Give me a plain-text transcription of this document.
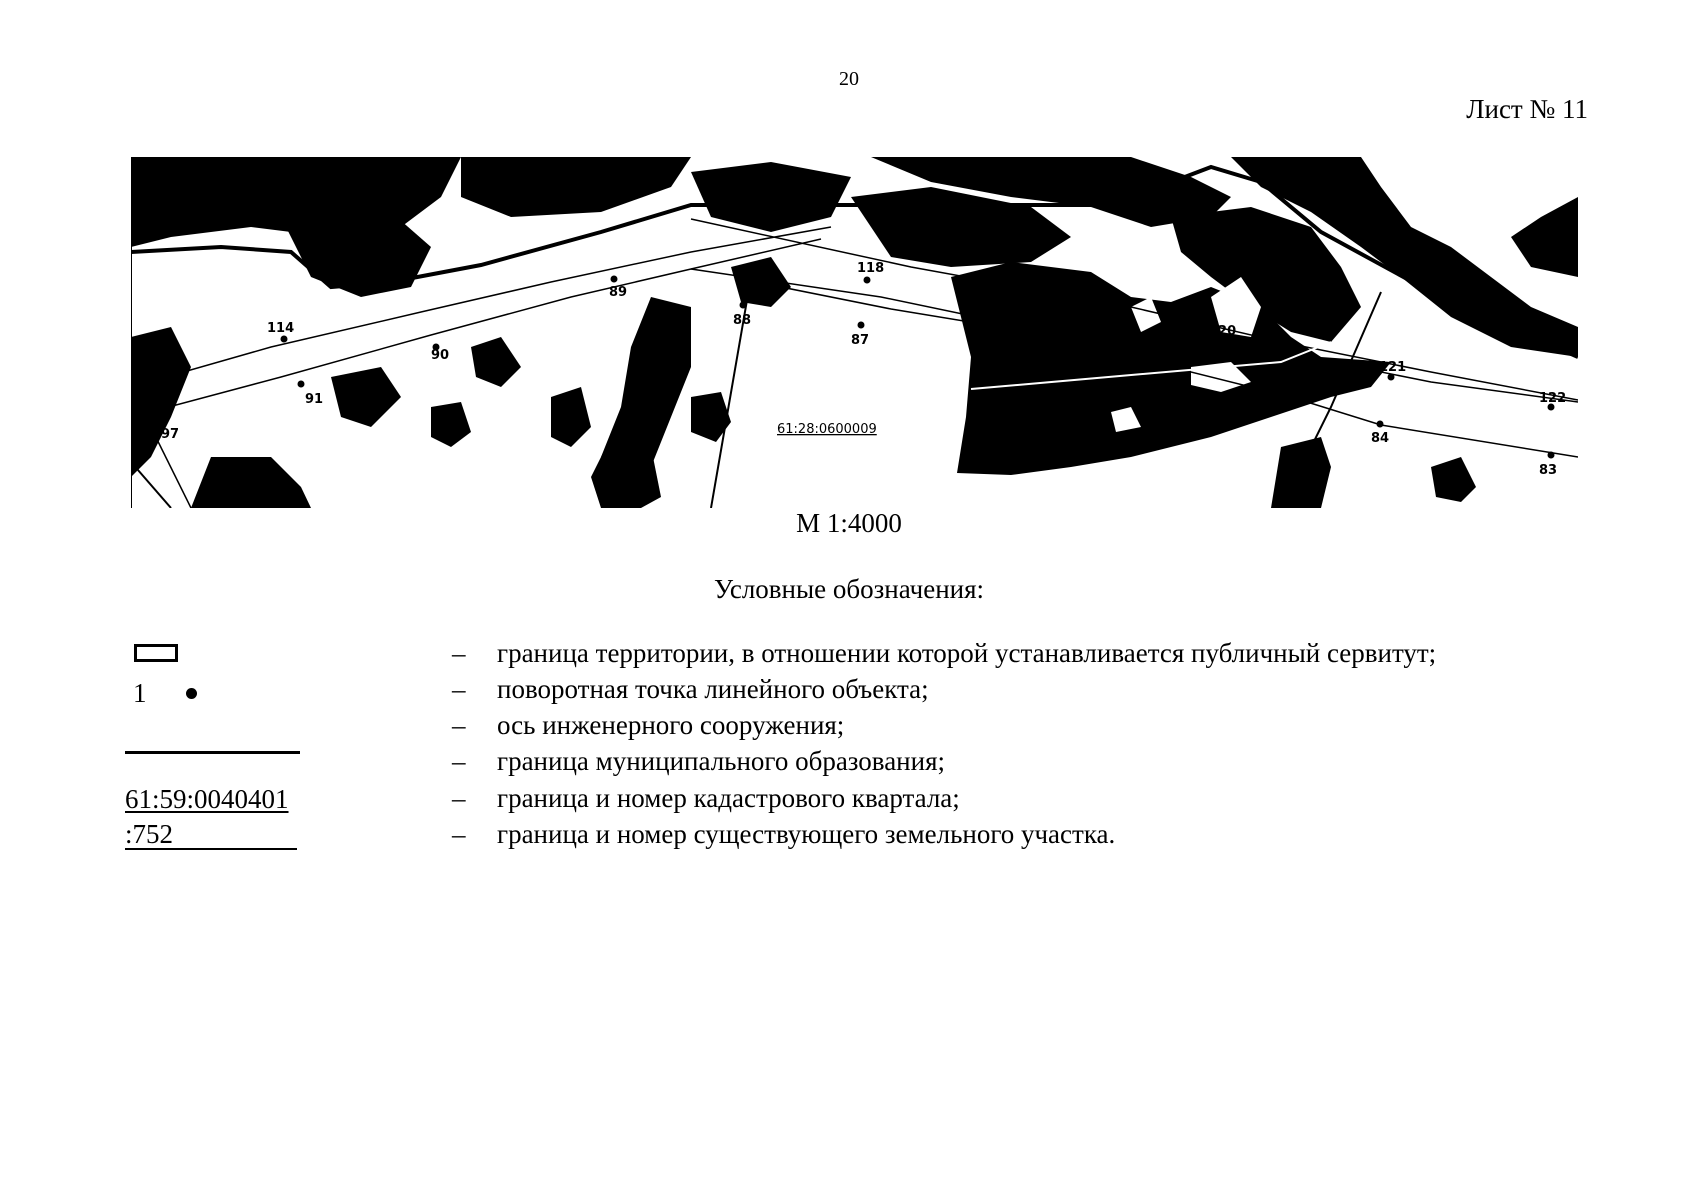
20
Лист № 11
114
89
88
118
87
120
121
122
84
83
91
90
113
97	61:28:0600009
М 1:4000
Условные обозначения:
1
61:59:0040401
:752
– граница территории, в отношении которой устанавливается публичный сервитут;
– поворотная точка линейного объекта;
– ось инженерного сооружения;
– граница муниципального образования;
– граница и номер кадастрового квартала;
– граница и номер существующего земельного участка.
